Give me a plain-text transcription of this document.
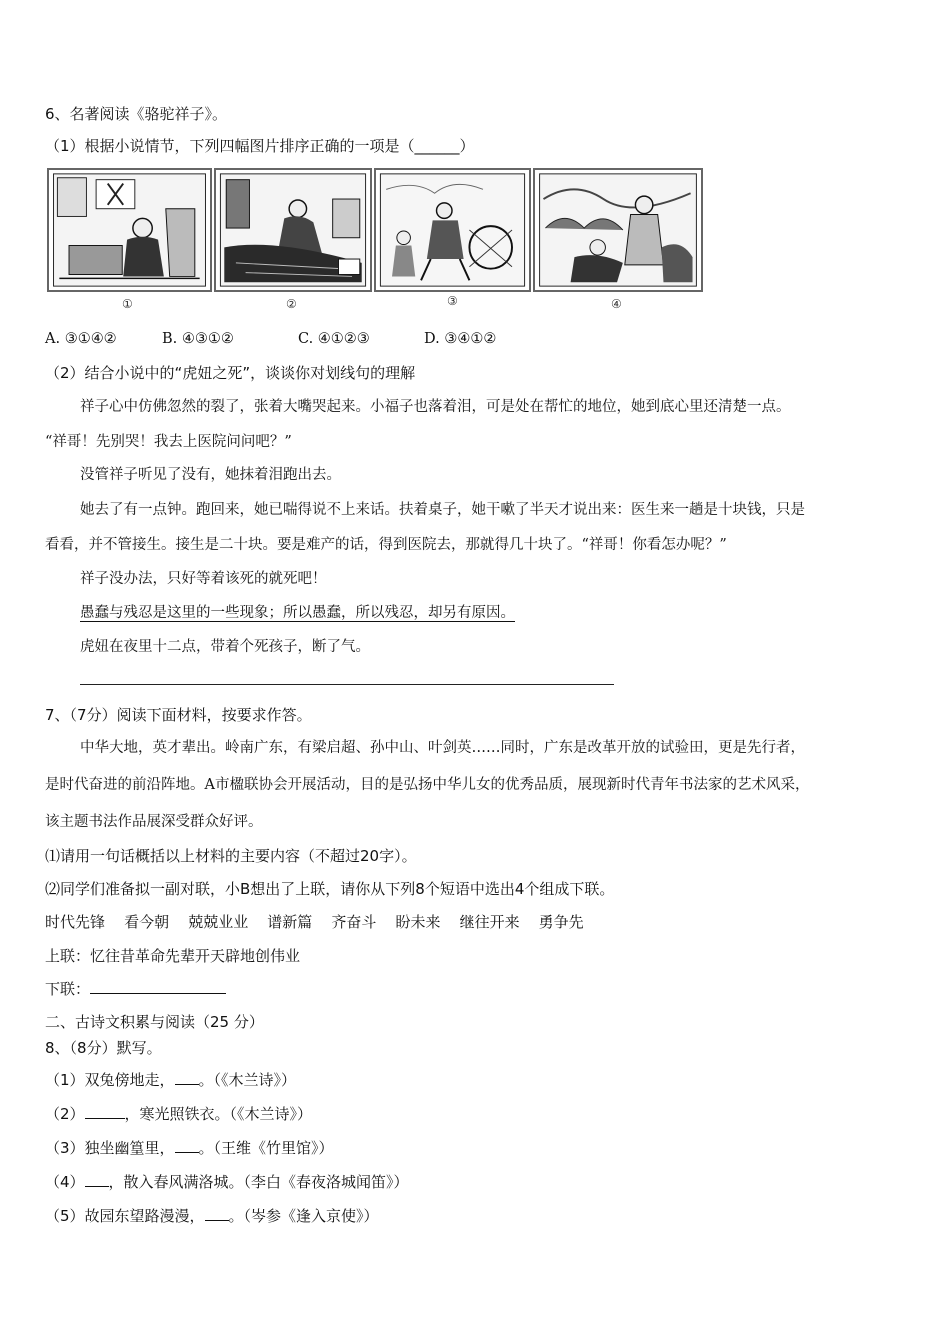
6、名著阅读《骆驼祥子》。
（1）根据小说情节，下列四幅图片排序正确的一项是（______）
①	②	③	④
A. ③①④②	B. ④③①②	C. ④①②③	D. ③④①②
（2）结合小说中的“虎妞之死”，谈谈你对划线句的理解
祥子心中仿佛忽然的裂了，张着大嘴哭起来。小福子也落着泪，可是处在帮忙的地位，她到底心里还清楚一点。
“祥哥！先别哭！我去上医院问问吧？”
没管祥子听见了没有，她抹着泪跑出去。
她去了有一点钟。跑回来，她已喘得说不上来话。扶着桌子，她干嗽了半天才说出来：医生来一趟是十块钱，只是
看看，并不管接生。接生是二十块。要是难产的话，得到医院去，那就得几十块了。“祥哥！你看怎办呢？”
祥子没办法，只好等着该死的就死吧！
愚蠢与残忍是这里的一些现象；所以愚蠢，所以残忍，却另有原因。
虎妞在夜里十二点，带着个死孩子，断了气。
7、（7分）阅读下面材料，按要求作答。
中华大地，英才辈出。岭南广东，有梁启超、孙中山、叶剑英……同时，广东是改革开放的试验田，更是先行者，
是时代奋进的前沿阵地。A市楹联协会开展活动，目的是弘扬中华儿女的优秀品质，展现新时代青年书法家的艺术风采，
该主题书法作品展深受群众好评。
⑴请用一句话概括以上材料的主要内容（不超过20字）。
⑵同学们准备拟一副对联，小B想出了上联，请你从下列8个短语中选出4个组成下联。
时代先锋 看今朝 兢兢业业 谱新篇 齐奋斗 盼未来 继往开来 勇争先
上联：忆往昔革命先辈开天辟地创伟业
下联：
二、古诗文积累与阅读（25 分）
8、（8分）默写。
（1）双兔傍地走， 。（《木兰诗》）
（2）	，寒光照铁衣。（《木兰诗》）
（3）独坐幽篁里， 。（王维《竹里馆》）
（4） ，散入春风满洛城。（李白《春夜洛城闻笛》）
（5）故园东望路漫漫， 。（岑参《逢入京使》）
